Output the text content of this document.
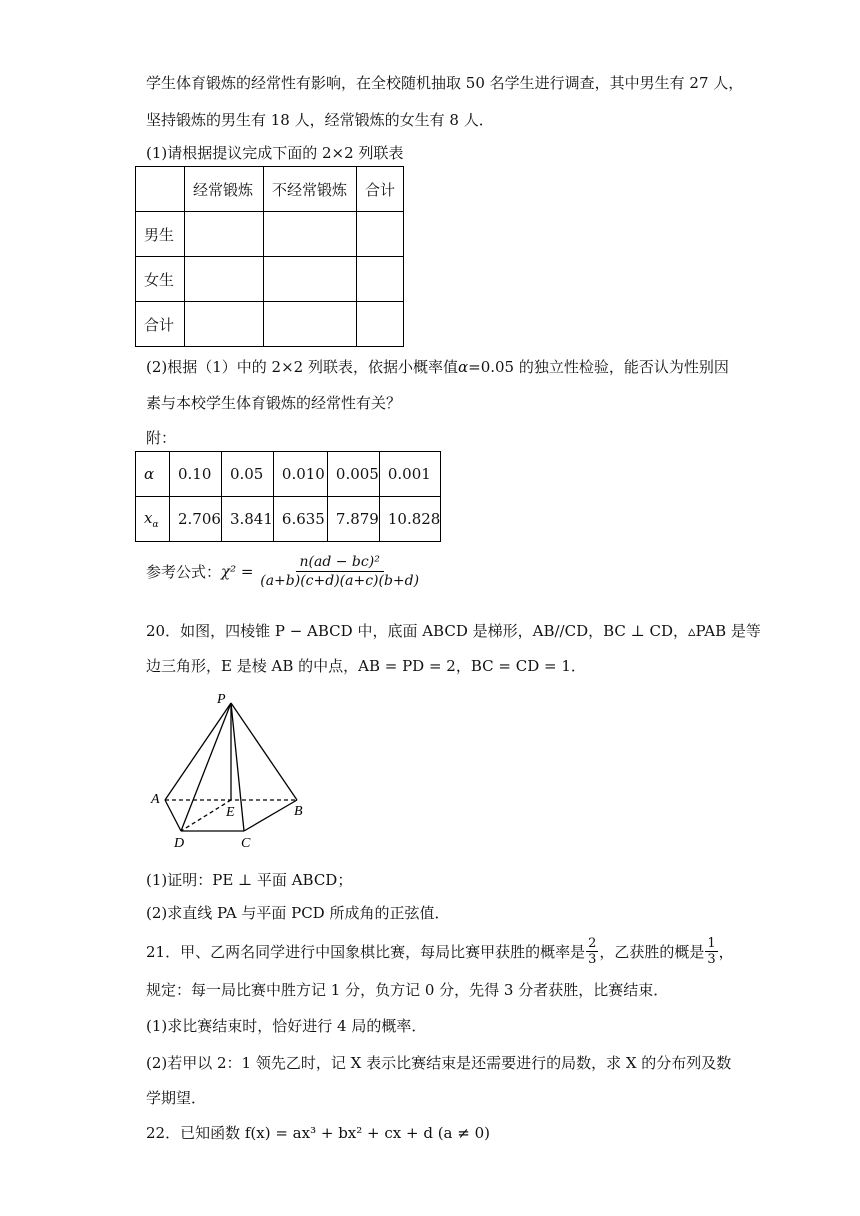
学生体育锻炼的经常性有影响，在全校随机抽取 50 名学生进行调查，其中男生有 27 人，
坚持锻炼的男生有 18 人，经常锻炼的女生有 8 人．
(1)请根据提议完成下面的 2×2 列联表
	经常锻炼	不经常锻炼	合计
男生			
女生			
合计			
(2)根据（1）中的 2×2 列联表，依据小概率值α=0.05 的独立性检验，能否认为性别因
素与本校学生体育锻炼的经常性有关？
附：
α	0.10	0.05	0.010	0.005	0.001
$x_\alpha$	2.706	3.841	6.635	7.879	10.828
参考公式：$\chi^2 = \frac{\text{n(ad − bc)²}}{(a+b)(c+d)(a+c)(b+d)}$
20．如图，四棱锥 P − ABCD 中，底面 ABCD 是梯形，AB//CD，BC ⊥ CD，▵PAB 是等
边三角形，E 是棱 AB 的中点，AB = PD = 2，BC = CD = 1．
P
A
B
C
D
E
(1)证明：PE ⊥ 平面 ABCD；
(2)求直线 PA 与平面 PCD 所成角的正弦值．
21．甲、乙两名同学进行中国象棋比赛，每局比赛甲获胜的概率是 $\frac{2}{3}$ ，乙获胜的概是 $\frac{1}{3}$ ，
规定：每一局比赛中胜方记 1 分，负方记 0 分，先得 3 分者获胜，比赛结束．
(1)求比赛结束时，恰好进行 4 局的概率．
(2)若甲以 2：1 领先乙时，记 X 表示比赛结束是还需要进行的局数，求 X 的分布列及数
学期望．
22．已知函数 f(x) = ax³ + bx² + cx + d (a ≠ 0)
